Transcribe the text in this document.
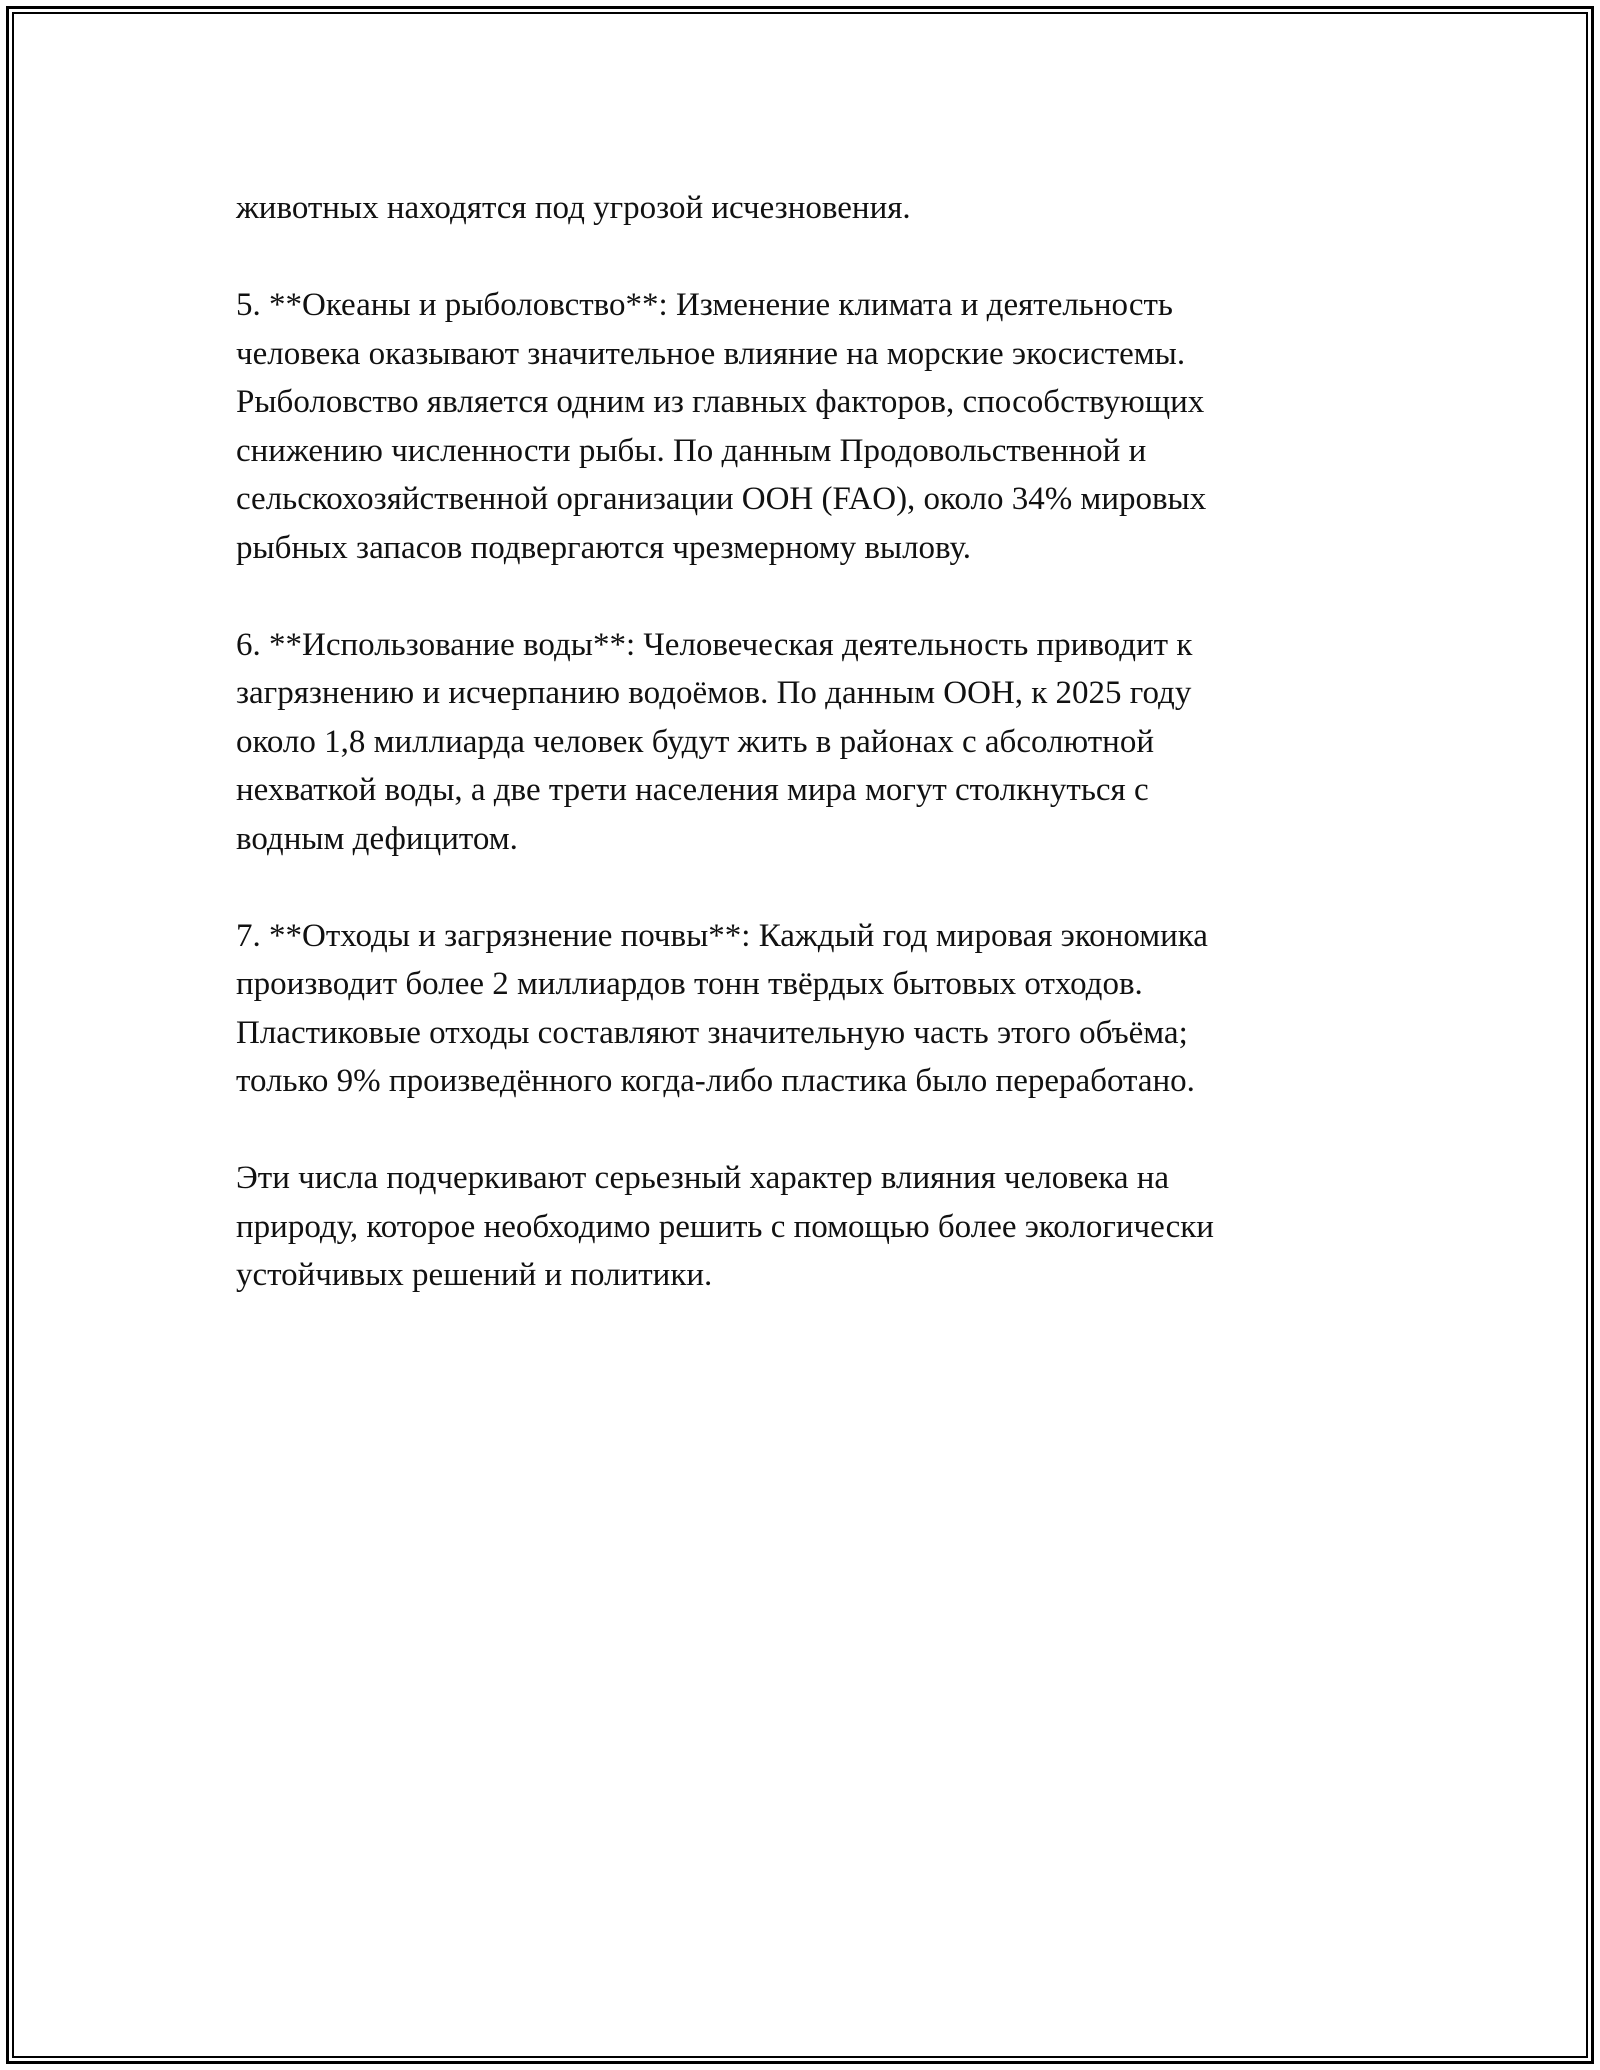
животных находятся под угрозой исчезновения.

5. **Океаны и рыболовство**: Изменение климата и деятельность
человека оказывают значительное влияние на морские экосистемы.
Рыболовство является одним из главных факторов, способствующих
снижению численности рыбы. По данным Продовольственной и
сельскохозяйственной организации ООН (FAO), около 34% мировых
рыбных запасов подвергаются чрезмерному вылову.

6. **Использование воды**: Человеческая деятельность приводит к
загрязнению и исчерпанию водоёмов. По данным ООН, к 2025 году
около 1,8 миллиарда человек будут жить в районах с абсолютной
нехваткой воды, а две трети населения мира могут столкнуться с
водным дефицитом.

7. **Отходы и загрязнение почвы**: Каждый год мировая экономика
производит более 2 миллиардов тонн твёрдых бытовых отходов.
Пластиковые отходы составляют значительную часть этого объёма;
только 9% произведённого когда-либо пластика было переработано.

Эти числа подчеркивают серьезный характер влияния человека на
природу, которое необходимо решить с помощью более экологически
устойчивых решений и политики.
